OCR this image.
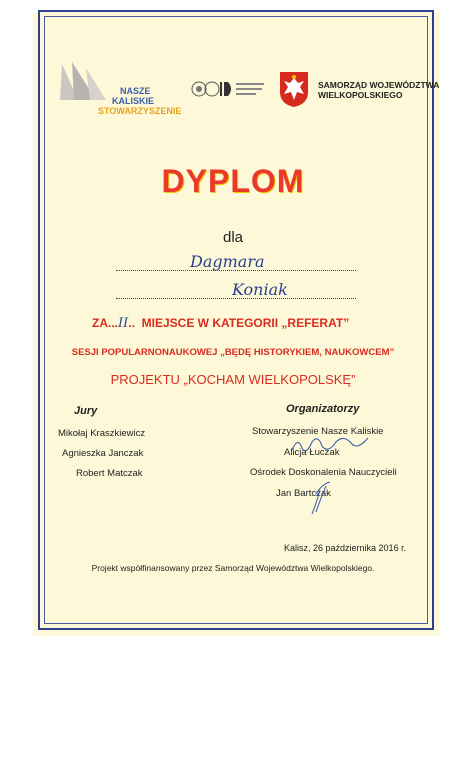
NASZE
KALISKIE
STOWARZYSZENIE
SAMORZĄD WOJEWÓDZTWA
WIELKOPOLSKIEGO
DYPLOM
dla
Dagmara
Koniak
ZA...II..  MIEJSCE W KATEGORII „REFERAT”
SESJI POPULARNONAUKOWEJ „BĘDĘ HISTORYKIEM, NAUKOWCEM”
PROJEKTU „KOCHAM WIELKOPOLSKĘ”
Jury
Mikołaj Kraszkiewicz
Agnieszka Janczak
Robert Matczak
Organizatorzy
Stowarzyszenie Nasze Kaliskie
Alicja Łuczak
Ośrodek Doskonalenia Nauczycieli
Jan Bartczak
Kalisz, 26 października 2016 r.
Projekt współfinansowany przez Samorząd Województwa Wielkopolskiego.
